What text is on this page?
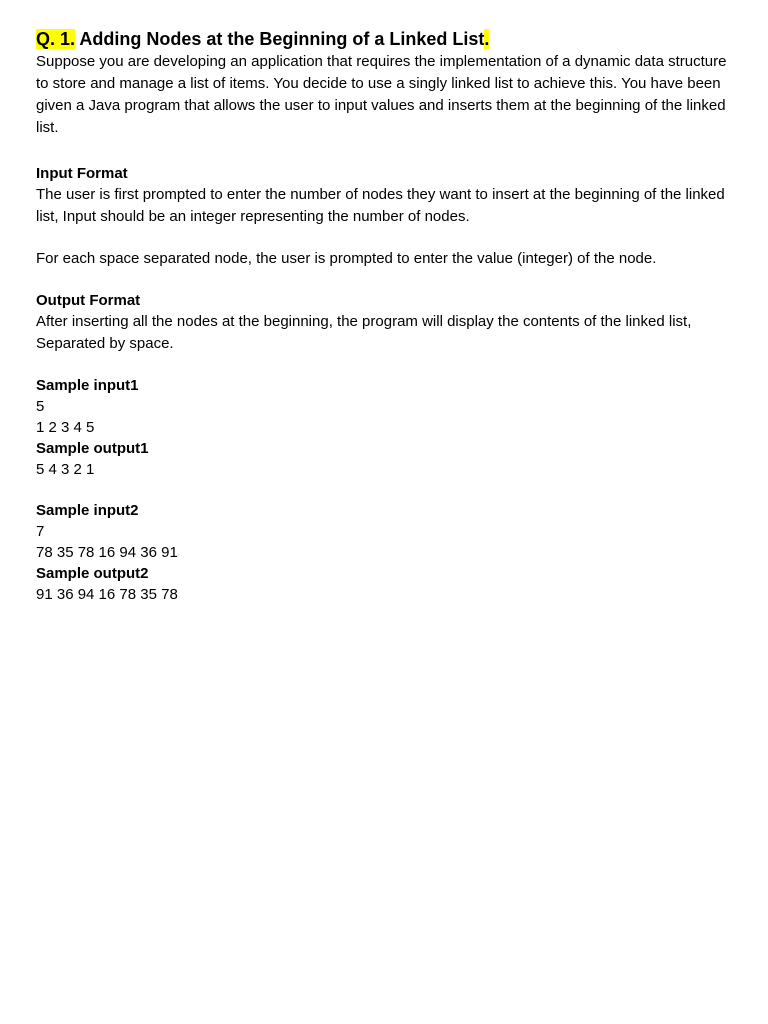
Q. 1. Adding Nodes at the Beginning of a Linked List.

Suppose you are developing an application that requires the implementation of a dynamic data structure to store and manage a list of items. You decide to use a singly linked list to achieve this. You have been given a Java program that allows the user to input values and inserts them at the beginning of the linked list.

Input Format

The user is first prompted to enter the number of nodes they want to insert at the beginning of the linked list, Input should be an integer representing the number of nodes.

For each space separated node, the user is prompted to enter the value (integer) of the node.

Output Format

After inserting all the nodes at the beginning, the program will display the contents of the linked list, Separated by space.

Sample input1

5

1 2 3 4 5

Sample output1

5 4 3 2 1

Sample input2

7

78 35 78 16 94 36 91

Sample output2

91 36 94 16 78 35 78
